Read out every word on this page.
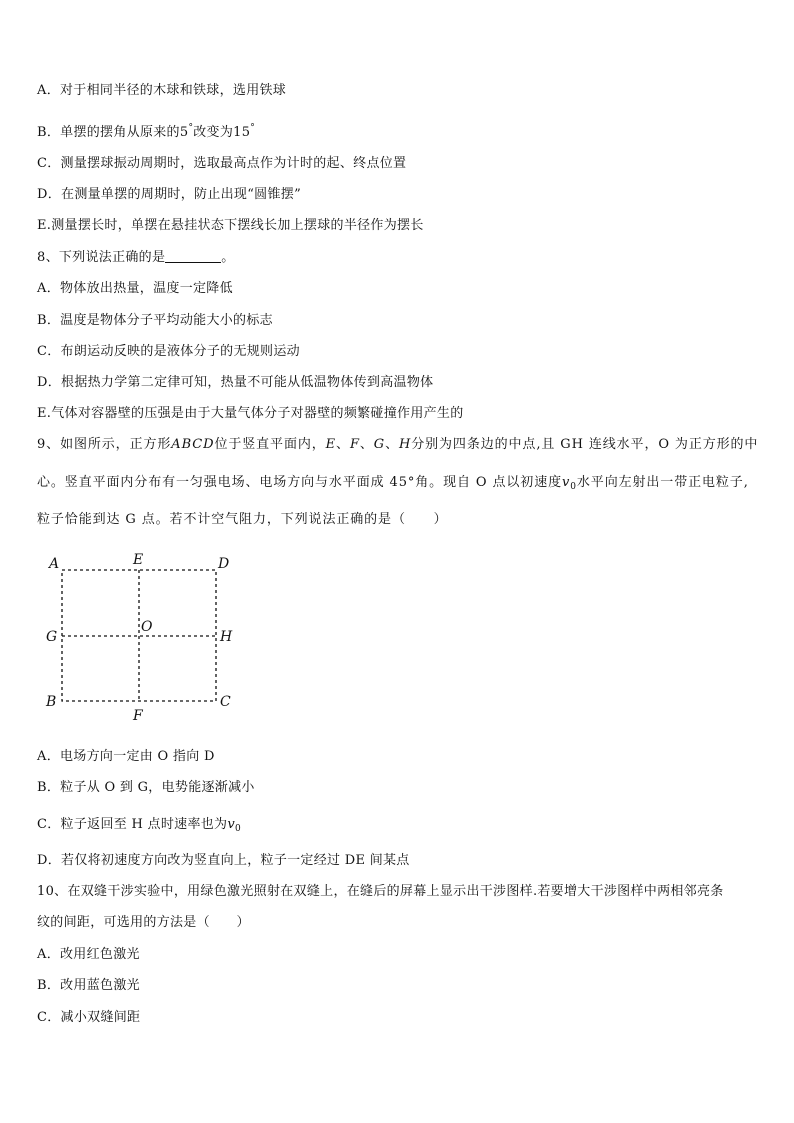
A．对于相同半径的木球和铁球，选用铁球
B．单摆的摆角从原来的5°改变为15°
C．测量摆球振动周期时，选取最高点作为计时的起、终点位置
D．在测量单摆的周期时，防止出现“圆锥摆”
E.测量摆长时，单摆在悬挂状态下摆线长加上摆球的半径作为摆长
8、下列说法正确的是	。
A．物体放出热量，温度一定降低
B．温度是物体分子平均动能大小的标志
C．布朗运动反映的是液体分子的无规则运动
D．根据热力学第二定律可知，热量不可能从低温物体传到高温物体
E.气体对容器壁的压强是由于大量气体分子对器壁的频繁碰撞作用产生的
9、如图所示，正方形ABCD位于竖直平面内，E、F、G、H分别为四条边的中点,且 GH 连线水平，O 为正方形的中
心。竖直平面内分布有一匀强电场、电场方向与水平面成 45°角。现自 O 点以初速度$v_0$水平向左射出一带正电粒子,
粒子恰能到达 G 点。若不计空气阻力，下列说法正确的是（　　）
A	E	D
G
O
H
B
F
C
A．电场方向一定由 O 指向 D
B．粒子从 O 到 G，电势能逐渐减小
C．粒子返回至 H 点时速率也为$v_0$
D．若仅将初速度方向改为竖直向上，粒子一定经过 DE 间某点
10、在双缝干涉实验中，用绿色激光照射在双缝上，在缝后的屏幕上显示出干涉图样.若要增大干涉图样中两相邻亮条
纹的间距，可选用的方法是（　　）
A．改用红色激光
B．改用蓝色激光
C．减小双缝间距
